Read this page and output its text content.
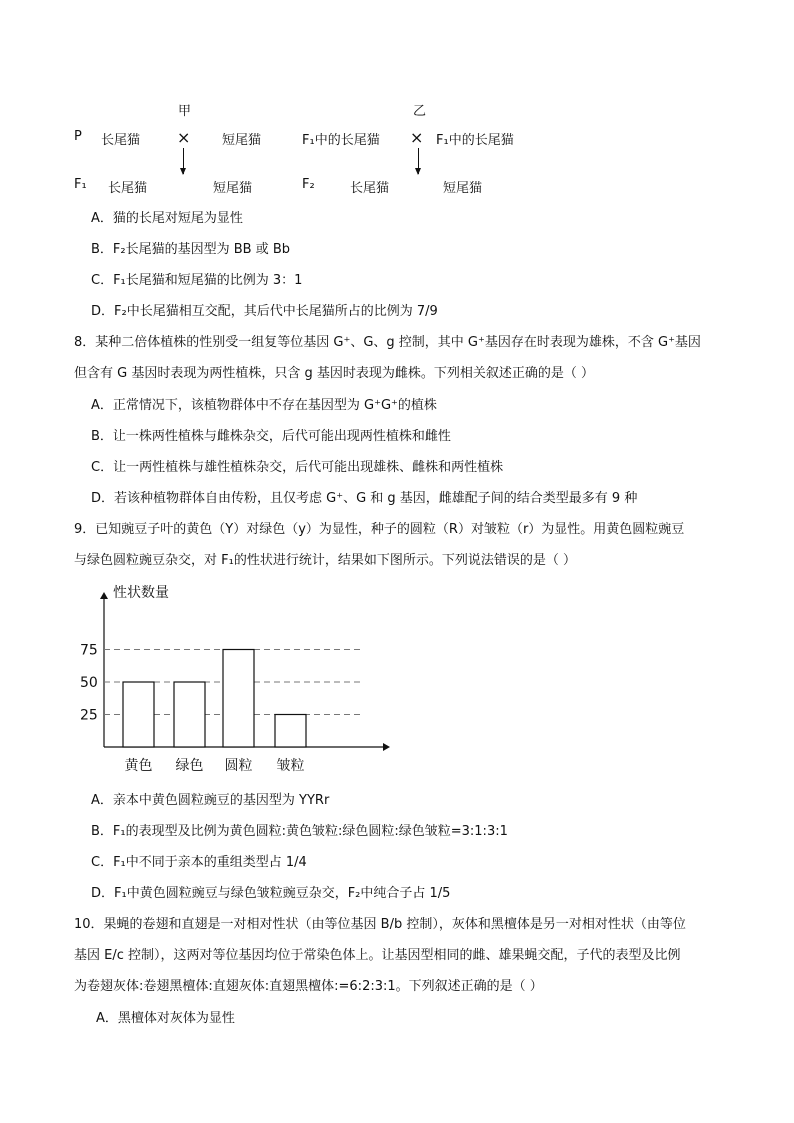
甲	乙
P 长尾猫 × 短尾猫	F₁中的长尾猫 × F₁中的长尾猫
F₁ 长尾猫	短尾猫	F₂	长尾猫	短尾猫
A．猫的长尾对短尾为显性
B．F₂长尾猫的基因型为 BB 或 Bb
C．F₁长尾猫和短尾猫的比例为 3：1
D．F₂中长尾猫相互交配，其后代中长尾猫所占的比例为 7/9
8．某种二倍体植株的性别受一组复等位基因 G⁺、G、g 控制，其中 G⁺基因存在时表现为雄株，不含 G⁺基因
但含有 G 基因时表现为两性植株，只含 g 基因时表现为雌株。下列相关叙述正确的是（ ）
A．正常情况下，该植物群体中不存在基因型为 G⁺G⁺的植株
B．让一株两性植株与雌株杂交，后代可能出现两性植株和雌性
C．让一两性植株与雄性植株杂交，后代可能出现雄株、雌株和两性植株
D．若该种植物群体自由传粉，且仅考虑 G⁺、G 和 g 基因，雌雄配子间的结合类型最多有 9 种
9．已知豌豆子叶的黄色（Y）对绿色（y）为显性，种子的圆粒（R）对皱粒（r）为显性。用黄色圆粒豌豆
与绿色圆粒豌豆杂交，对 F₁的性状进行统计，结果如下图所示。下列说法错误的是（ ）
性状数量
25
50
75
黄色 绿色 圆粒 皱粒
A．亲本中黄色圆粒豌豆的基因型为 YYRr
B．F₁的表现型及比例为黄色圆粒:黄色皱粒:绿色圆粒:绿色皱粒=3:1:3:1
C．F₁中不同于亲本的重组类型占 1/4
D．F₁中黄色圆粒豌豆与绿色皱粒豌豆杂交，F₂中纯合子占 1/5
10．果蝇的卷翅和直翅是一对相对性状（由等位基因 B/b 控制），灰体和黑檀体是另一对相对性状（由等位
基因 E/c 控制），这两对等位基因均位于常染色体上。让基因型相同的雌、雄果蝇交配，子代的表型及比例
为卷翅灰体:卷翅黑檀体:直翅灰体:直翅黑檀体:=6:2:3:1。下列叙述正确的是（ ）
A．黑檀体对灰体为显性
